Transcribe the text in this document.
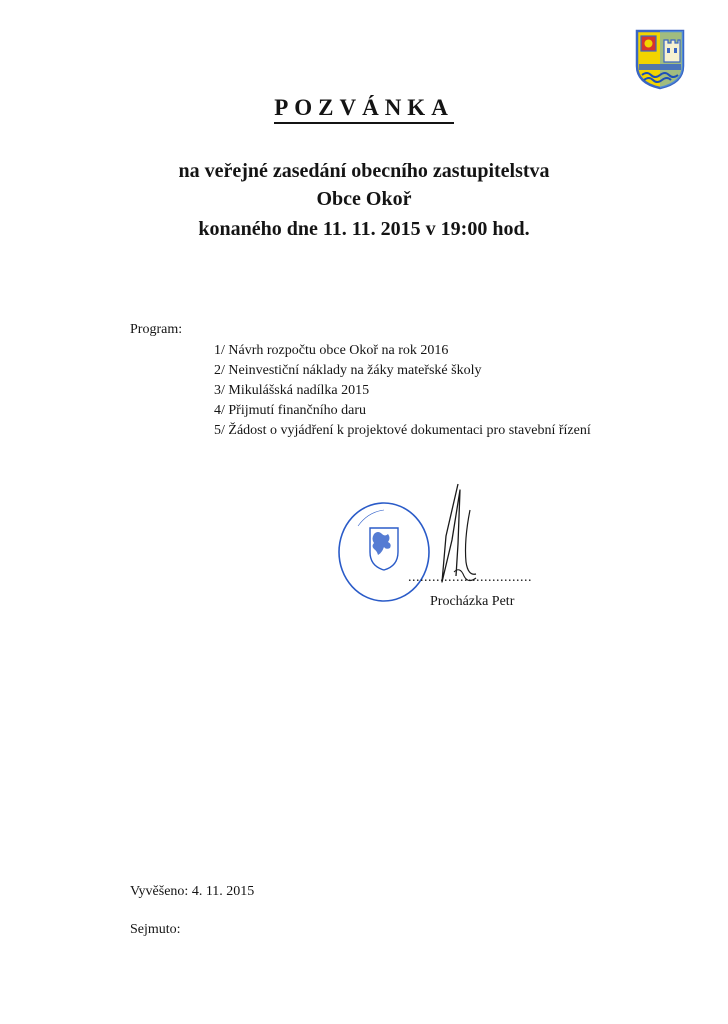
POZVÁNKA
na veřejné zasedání obecního zastupitelstva
Obce Okoř
konaného dne 11. 11. 2015 v 19:00 hod.
Program:
1/ Návrh rozpočtu obce Okoř na rok 2016
2/ Neinvestiční náklady na žáky mateřské školy
3/ Mikulášská nadílka 2015
4/ Přijmutí finančního daru
5/ Žádost o vyjádření k projektové dokumentaci pro stavební řízení
...............................
Procházka Petr
Vyvěšeno: 4. 11. 2015
Sejmuto:
